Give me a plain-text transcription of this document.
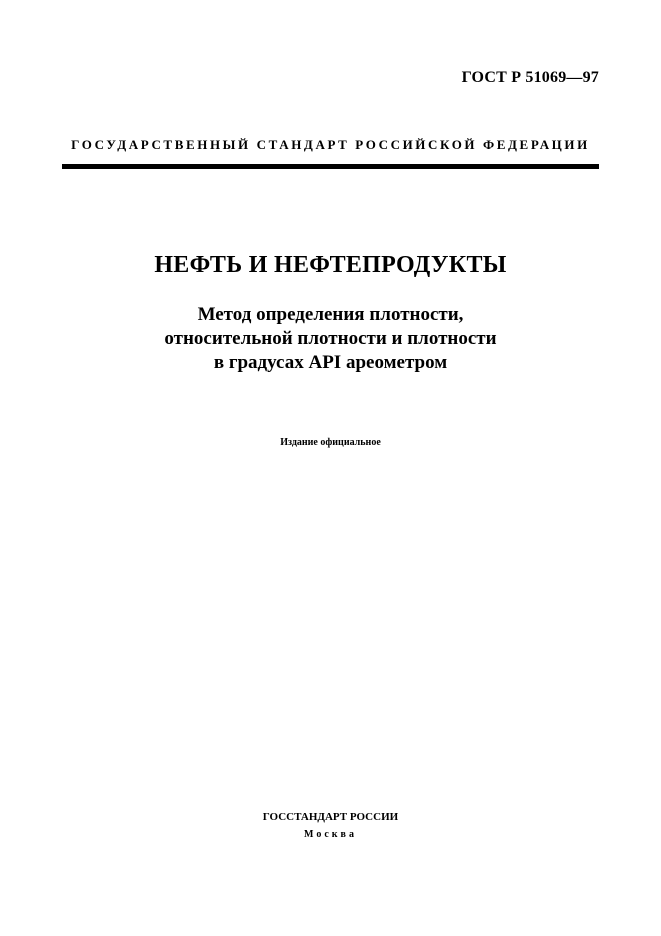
ГОСТ Р 51069—97
ГОСУДАРСТВЕННЫЙ СТАНДАРТ РОССИЙСКОЙ ФЕДЕРАЦИИ
НЕФТЬ И НЕФТЕПРОДУКТЫ
Метод определения плотности,
относительной плотности и плотности
в градусах API ареометром
Издание официальное
ГОССТАНДАРТ РОССИИ
Москва
